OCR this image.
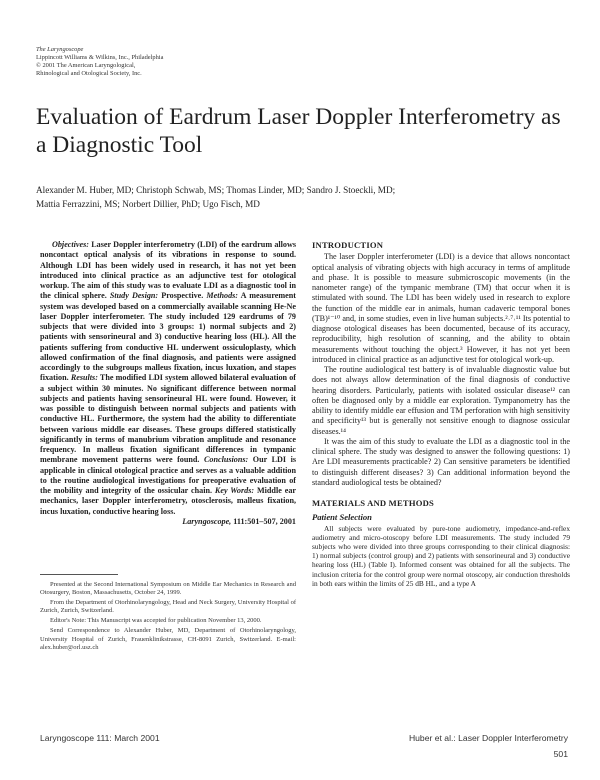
The Laryngoscope
Lippincott Williams & Wilkins, Inc., Philadelphia
© 2001 The American Laryngological,
Rhinological and Otological Society, Inc.
Evaluation of Eardrum Laser Doppler Interferometry as a Diagnostic Tool
Alexander M. Huber, MD; Christoph Schwab, MS; Thomas Linder, MD; Sandro J. Stoeckli, MD;
Mattia Ferrazzini, MS; Norbert Dillier, PhD; Ugo Fisch, MD

Objectives: Laser Doppler interferometry (LDI) of the eardrum allows noncontact optical analysis of its vibrations in response to sound. Although LDI has been widely used in research, it has not yet been introduced into clinical practice as an adjunctive test for otological workup. The aim of this study was to evaluate LDI as a diagnostic tool in the clinical sphere. Study Design: Prospective. Methods: A measurement system was developed based on a commercially available scanning He-Ne laser Doppler interferometer. The study included 129 eardrums of 79 subjects that were divided into 3 groups: 1) normal subjects and 2) patients with sensorineural and 3) conductive hearing loss (HL). All the patients suffering from conductive HL underwent ossiculoplasty, which allowed confirmation of the final diagnosis, and patients were assigned accordingly to the subgroups malleus fixation, incus luxation, and stapes fixation. Results: The modified LDI system allowed bilateral evaluation of a subject within 30 minutes. No significant difference between normal subjects and patients having sensorineural HL were found. However, it was possible to distinguish between normal subjects and patients with conductive HL. Furthermore, the system had the ability to differentiate between various middle ear diseases. These groups differed statistically significantly in terms of manubrium vibration amplitude and resonance frequency. In malleus fixation significant differences in tympanic membrane movement patterns were found. Conclusions: Our LDI is applicable in clinical otological practice and serves as a valuable addition to the routine audiological investigations for preoperative evaluation of the mobility and integrity of the ossicular chain. Key Words: Middle ear mechanics, laser Doppler interferometry, otosclerosis, malleus fixation, incus luxation, conductive hearing loss.

Laryngoscope, 111:501–507, 2001

Presented at the Second International Symposium on Middle Ear Mechanics in Research and Otosurgery, Boston, Massachusetts, October 24, 1999.

From the Department of Otorhinolaryngology, Head and Neck Surgery, University Hospital of Zurich, Zurich, Switzerland.

Editor's Note: This Manuscript was accepted for publication November 13, 2000.

Send Correspondence to Alexander Huber, MD, Department of Otorhinolaryngology, University Hospital of Zurich, Frauenklinikstrasse, CH-8091 Zurich, Switzerland. E-mail: alex.huber@orl.usz.ch

INTRODUCTION

The laser Doppler interferometer (LDI) is a device that allows noncontact optical analysis of vibrating objects with high accuracy in terms of amplitude and phase. It is possible to measure submicroscopic movements (in the nanometer range) of the tympanic membrane (TM) that occur when it is stimulated with sound. The LDI has been widely used in research to explore the function of the middle ear in animals, human cadaveric temporal bones (TB)¹⁻¹⁰ and, in some studies, even in live human subjects.²˒⁷˒¹¹ Its potential to diagnose otological diseases has been documented, because of its accuracy, reproducibility, high resolution of scanning, and the ability to obtain measurements without touching the object.³ However, it has not yet been introduced in clinical practice as an adjunctive test for otological work-up.

The routine audiological test battery is of invaluable diagnostic value but does not always allow determination of the final diagnosis of conductive hearing disorders. Particularly, patients with isolated ossicular disease¹² can often be diagnosed only by a middle ear exploration. Tympanometry has the ability to identify middle ear effusion and TM perforation with high sensitivity and specificity¹³ but is generally not sensitive enough to diagnose ossicular diseases.¹⁴

It was the aim of this study to evaluate the LDI as a diagnostic tool in the clinical sphere. The study was designed to answer the following questions: 1) Are LDI measurements practicable? 2) Can sensitive parameters be identified to distinguish different diseases? 3) Can additional information beyond the standard audiological tests be obtained?

MATERIALS AND METHODS

Patient Selection

All subjects were evaluated by pure-tone audiometry, impedance-and-reflex audiometry and micro-otoscopy before LDI measurements. The study included 79 subjects who were divided into three groups corresponding to their clinical diagnosis: 1) normal subjects (control group) and 2) patients with sensorineural and 3) conductive hearing loss (HL) (Table I). Informed consent was obtained for all the subjects. The inclusion criteria for the control group were normal otoscopy, air conduction thresholds in both ears within the limits of 25 dB HL, and a type A

Laryngoscope 111: March 2001	Huber et al.: Laser Doppler Interferometry
501
